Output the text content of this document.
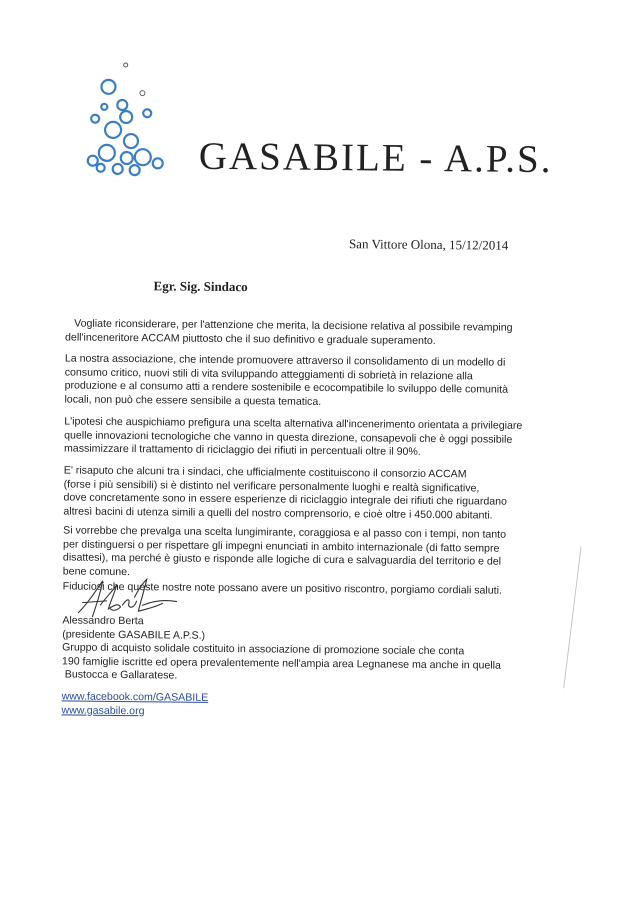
GASABILE - A.P.S.
San Vittore Olona, 15/12/2014
Egr. Sig. Sindaco

Vogliate riconsiderare, per l'attenzione che merita, la decisione relativa al possibile revamping
dell'inceneritore ACCAM piuttosto che il suo definitivo e graduale superamento.

La nostra associazione, che intende promuovere attraverso il consolidamento di un modello di
consumo critico, nuovi stili di vita sviluppando atteggiamenti di sobrietà in relazione alla
produzione e al consumo atti a rendere sostenibile e ecocompatibile lo sviluppo delle comunità
locali, non può che essere sensibile a questa tematica.

L'ipotesi che auspichiamo prefigura una scelta alternativa all'incenerimento orientata a privilegiare
quelle innovazioni tecnologiche che vanno in questa direzione, consapevoli che è oggi possibile
massimizzare il trattamento di riciclaggio dei rifiuti in percentuali oltre il 90%.

E' risaputo che alcuni tra i sindaci, che ufficialmente costituiscono il consorzio ACCAM
(forse i più sensibili) si è distinto nel verificare personalmente luoghi e realtà significative,
dove concretamente sono in essere esperienze di riciclaggio integrale dei rifiuti che riguardano
altresì bacini di utenza simili a quelli del nostro comprensorio, e cioè oltre i 450.000 abitanti.

Si vorrebbe che prevalga una scelta lungimirante, coraggiosa e al passo con i tempi, non tanto
per distinguersi o per rispettare gli impegni enunciati in ambito internazionale (di fatto sempre
disattesi), ma perché è giusto e risponde alle logiche di cura e salvaguardia del territorio e del
bene comune.

Fiduciosi che queste nostre note possano avere un positivo riscontro, porgiamo cordiali saluti.

Alessandro Berta
(presidente GASABILE A.P.S.)
Gruppo di acquisto solidale costituito in associazione di promozione sociale che conta
190 famiglie iscritte ed opera prevalentemente nell'ampia area Legnanese ma anche in quella
Bustocca e Gallaratese.
www.facebook.com/GASABILE
www.gasabile.org
